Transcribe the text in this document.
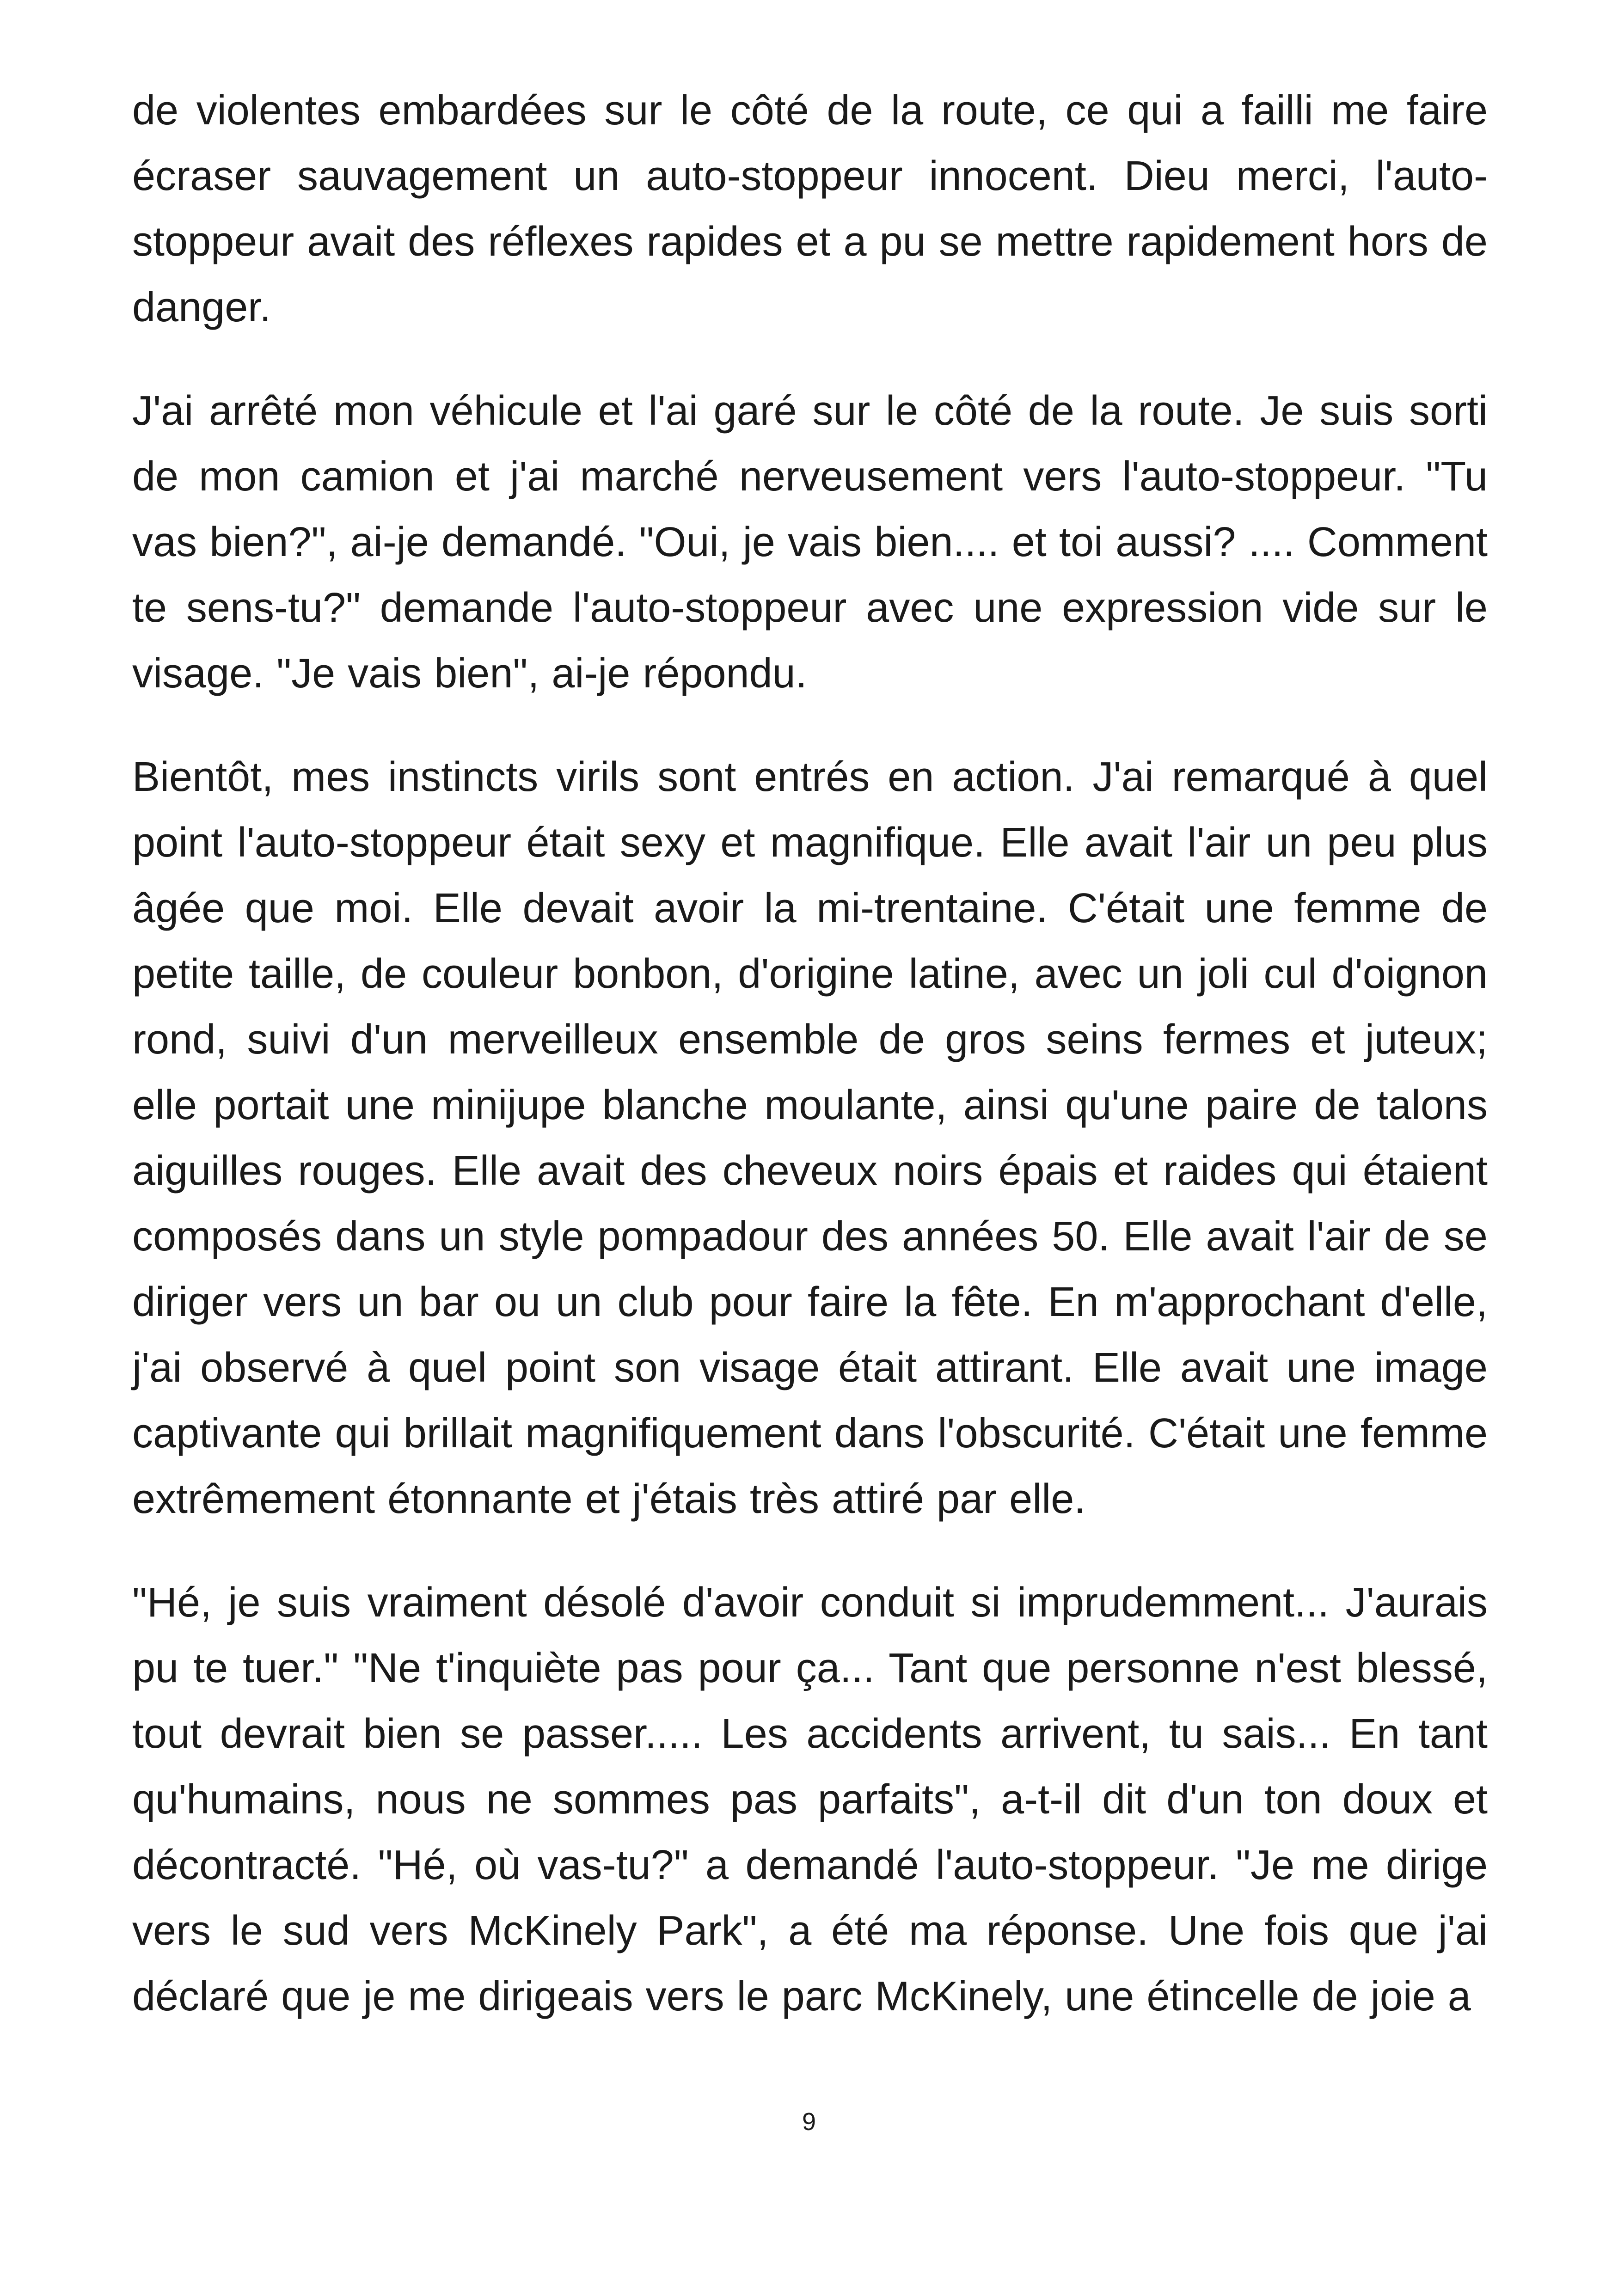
de violentes embardées sur le côté de la route, ce qui a failli me faire écraser sauvagement un auto-stoppeur innocent. Dieu merci, l'auto-stoppeur avait des réflexes rapides et a pu se mettre rapidement hors de danger.

J'ai arrêté mon véhicule et l'ai garé sur le côté de la route. Je suis sorti de mon camion et j'ai marché nerveusement vers l'auto-stoppeur. "Tu vas bien?", ai-je demandé. "Oui, je vais bien.... et toi aussi? .... Comment te sens-tu?" demande l'auto-stoppeur avec une expression vide sur le visage. "Je vais bien", ai-je répondu.

Bientôt, mes instincts virils sont entrés en action. J'ai remarqué à quel point l'auto-stoppeur était sexy et magnifique. Elle avait l'air un peu plus âgée que moi. Elle devait avoir la mi-trentaine. C'était une femme de petite taille, de couleur bonbon, d'origine latine, avec un joli cul d'oignon rond, suivi d'un merveilleux ensemble de gros seins fermes et juteux; elle portait une minijupe blanche moulante, ainsi qu'une paire de talons aiguilles rouges. Elle avait des cheveux noirs épais et raides qui étaient composés dans un style pompadour des années 50. Elle avait l'air de se diriger vers un bar ou un club pour faire la fête. En m'approchant d'elle, j'ai observé à quel point son visage était attirant. Elle avait une image captivante qui brillait magnifiquement dans l'obscurité. C'était une femme extrêmement étonnante et j'étais très attiré par elle.

"Hé, je suis vraiment désolé d'avoir conduit si imprudemment... J'aurais pu te tuer." "Ne t'inquiète pas pour ça... Tant que personne n'est blessé, tout devrait bien se passer..... Les accidents arrivent, tu sais... En tant qu'humains, nous ne sommes pas parfaits", a-t-il dit d'un ton doux et décontracté. "Hé, où vas-tu?" a demandé l'auto-stoppeur. "Je me dirige vers le sud vers McKinely Park", a été ma réponse. Une fois que j'ai déclaré que je me dirigeais vers le parc McKinely, une étincelle de joie a

9
